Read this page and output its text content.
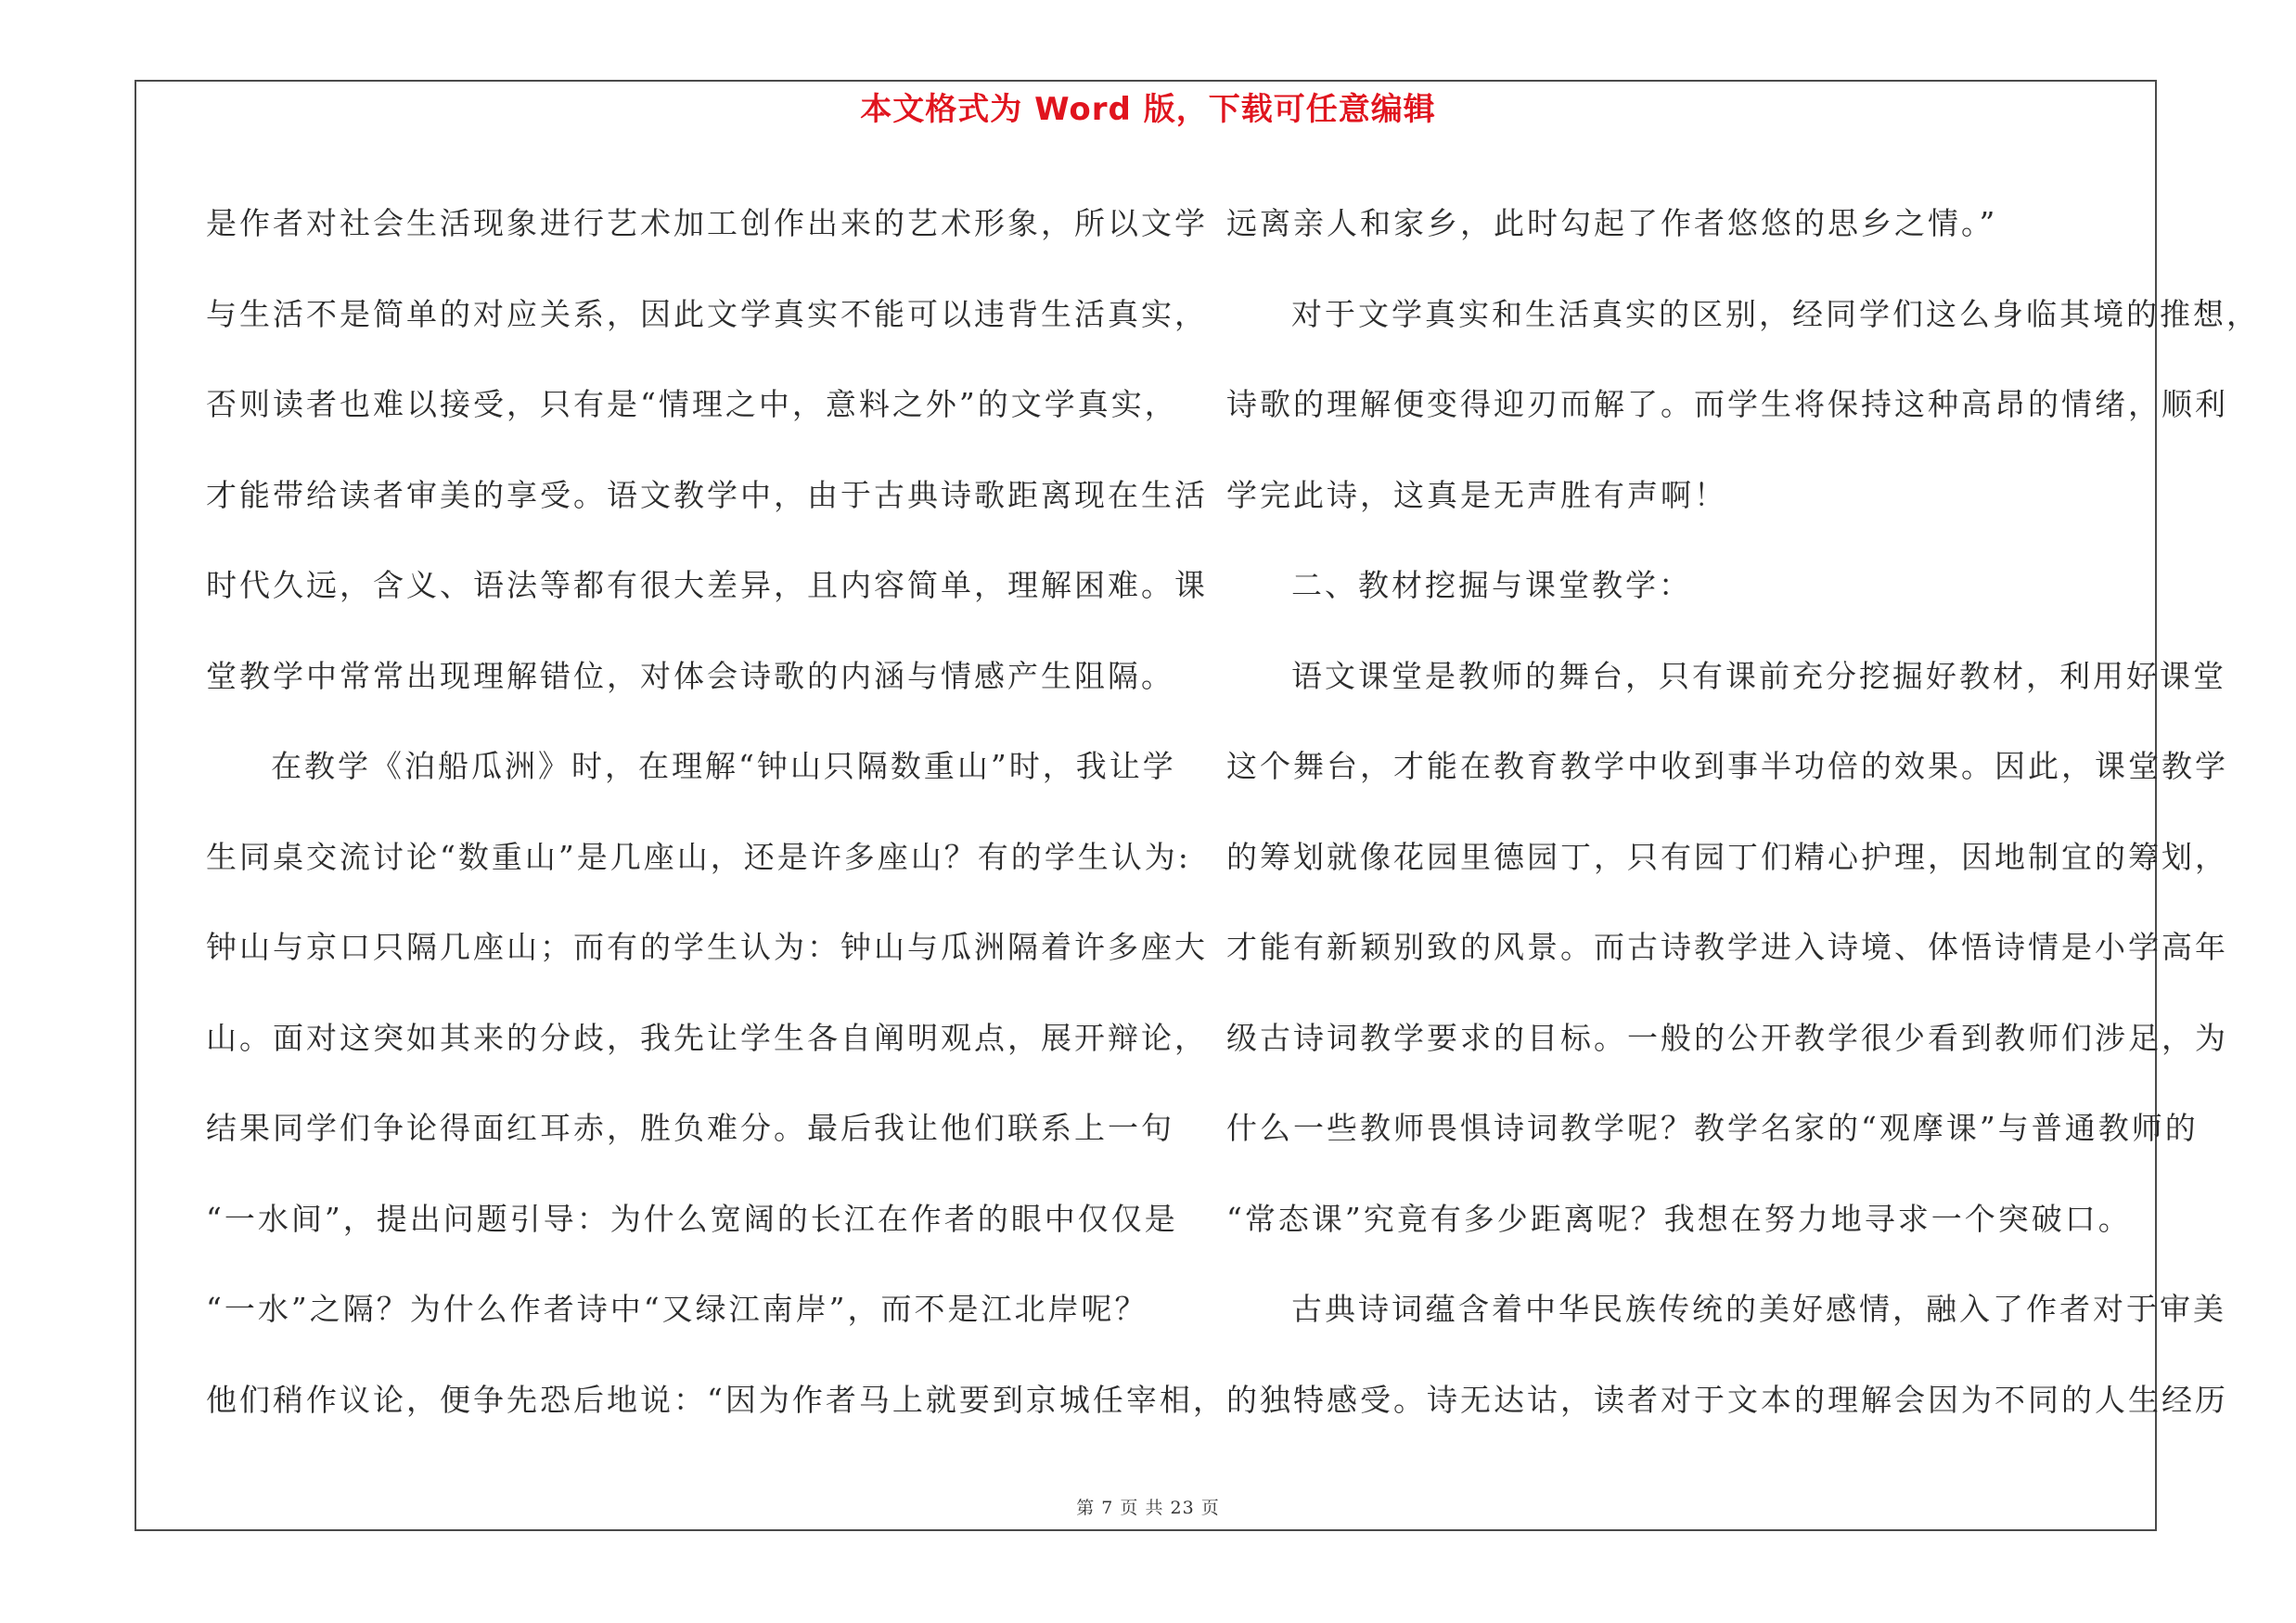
本文格式为 Word 版，下载可任意编辑
是作者对社会生活现象进行艺术加工创作出来的艺术形象，所以文学
与生活不是简单的对应关系，因此文学真实不能可以违背生活真实，
否则读者也难以接受，只有是“情理之中，意料之外”的文学真实，
才能带给读者审美的享受。语文教学中，由于古典诗歌距离现在生活
时代久远，含义、语法等都有很大差异，且内容简单，理解困难。课
堂教学中常常出现理解错位，对体会诗歌的内涵与情感产生阻隔。
在教学《泊船瓜洲》时，在理解“钟山只隔数重山”时，我让学
生同桌交流讨论“数重山”是几座山，还是许多座山？有的学生认为:
钟山与京口只隔几座山；而有的学生认为：钟山与瓜洲隔着许多座大
山。面对这突如其来的分歧，我先让学生各自阐明观点，展开辩论，
结果同学们争论得面红耳赤，胜负难分。最后我让他们联系上一句
“一水间”，提出问题引导：为什么宽阔的长江在作者的眼中仅仅是
“一水”之隔？为什么作者诗中“又绿江南岸”，而不是江北岸呢？
他们稍作议论，便争先恐后地说：“因为作者马上就要到京城任宰相，
远离亲人和家乡，此时勾起了作者悠悠的思乡之情。”
对于文学真实和生活真实的区别，经同学们这么身临其境的推想，
诗歌的理解便变得迎刃而解了。而学生将保持这种高昂的情绪，顺利
学完此诗，这真是无声胜有声啊！
二、教材挖掘与课堂教学：
语文课堂是教师的舞台，只有课前充分挖掘好教材，利用好课堂
这个舞台，才能在教育教学中收到事半功倍的效果。因此，课堂教学
的筹划就像花园里德园丁，只有园丁们精心护理，因地制宜的筹划，
才能有新颖别致的风景。而古诗教学进入诗境、体悟诗情是小学高年
级古诗词教学要求的目标。一般的公开教学很少看到教师们涉足，为
什么一些教师畏惧诗词教学呢？教学名家的“观摩课”与普通教师的
“常态课”究竟有多少距离呢？我想在努力地寻求一个突破口。
古典诗词蕴含着中华民族传统的美好感情，融入了作者对于审美
的独特感受。诗无达诂，读者对于文本的理解会因为不同的人生经历
第 7 页 共 23 页
